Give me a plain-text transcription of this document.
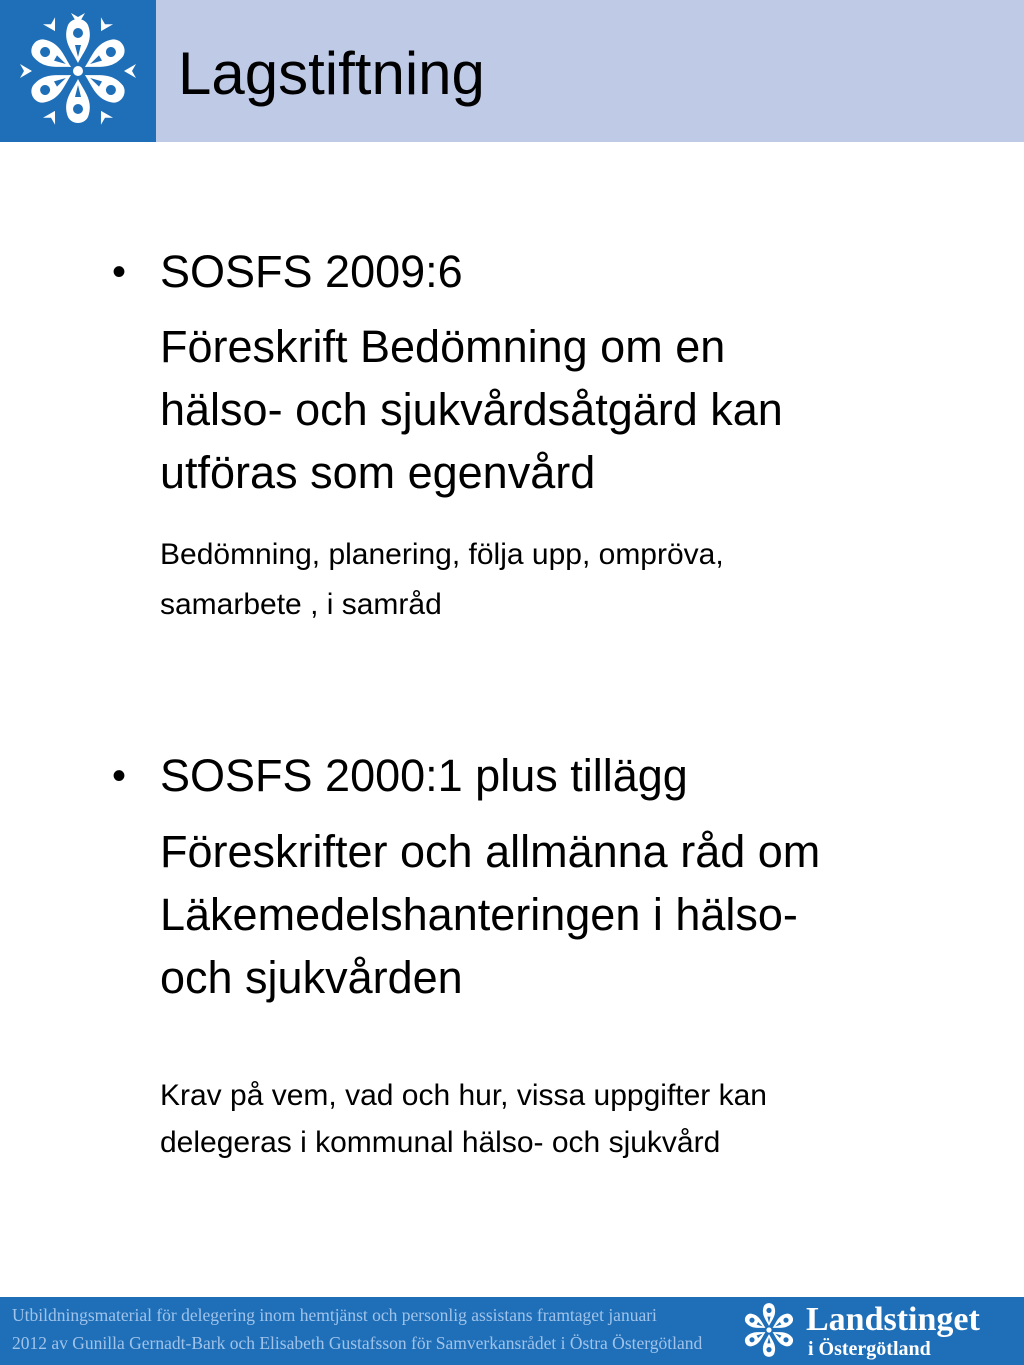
Lagstiftning
• SOSFS 2009:6
Föreskrift Bedömning om en
hälso- och sjukvårdsåtgärd kan
utföras som egenvård
Bedömning, planering, följa upp, ompröva,
samarbete , i samråd
• SOSFS 2000:1 plus tillägg
Föreskrifter och allmänna råd om
Läkemedelshanteringen i hälso-
och sjukvården
Krav på vem, vad och hur, vissa uppgifter kan
delegeras i kommunal hälso- och sjukvård
Utbildningsmaterial för delegering inom hemtjänst och personlig assistans framtaget januari
2012 av Gunilla Gernadt-Bark och Elisabeth Gustafsson för Samverkansrådet i Östra Östergötland
Landstinget
i Östergötland
